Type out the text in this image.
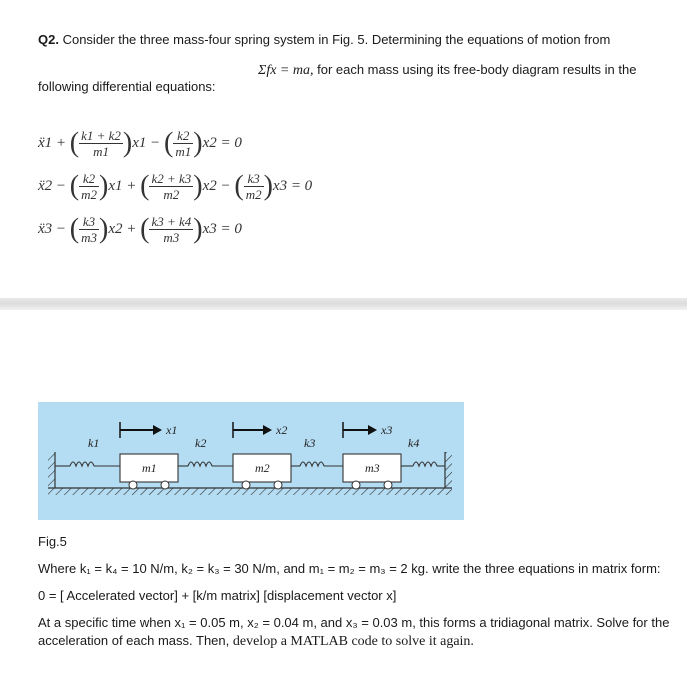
Q2. Consider the three mass-four spring system in Fig. 5. Determining the equations of motion from
Σfx = ma, for each mass using its free-body diagram results in the
following differential equations:
ẍ1 + ( $\frac{k1 + k2}{m1} )x1$ − ( $\frac{k2}{m1} )x2 = 0$
ẍ2 − ( $\frac{k2}{m2} )x1$ + ( $\frac{k2 + k3}{m2} )x2$ − ( $\frac{k3}{m2} )x3 = 0$
ẍ3 − ( $\frac{k3}{m3} )x2$ + ( $\frac{k3 + k4}{m3} )x3 = 0$
x1	x2	x3
k1	k2	k3	k4
m1	m2	m3
Fig.5
Where k₁ = k₄ = 10 N/m, k₂ = k₃ = 30 N/m, and m₁ = m₂ = m₃ = 2 kg. write the three equations in matrix form:
0 = [ Accelerated vector] + [k/m matrix] [displacement vector x]
At a specific time when x₁ = 0.05 m, x₂ = 0.04 m, and x₃ = 0.03 m, this forms a tridiagonal matrix. Solve for the
acceleration of each mass. Then, develop a MATLAB code to solve it again.
